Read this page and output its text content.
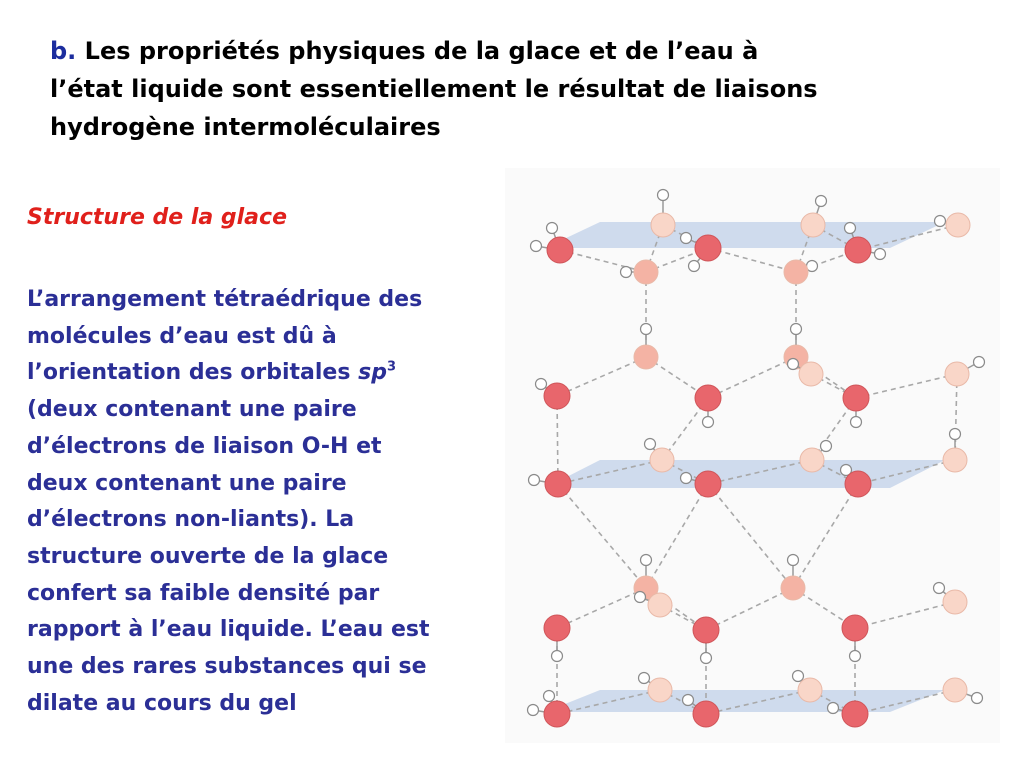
b. Les propriétés physiques de la glace et de l’eau à
l’état liquide sont essentiellement le résultat de liaisons
hydrogène intermoléculaires
Structure de la glace
L’arrangement tétraédrique des
molécules d’eau est dû à
l’orientation des orbitales $sp^3$
(deux contenant une paire
d’électrons de liaison O-H et
deux contenant une paire
d’électrons non-liants). La
structure ouverte de la glace
confert sa faible densité par
rapport à l’eau liquide. L’eau est
une des rares substances qui se
dilate au cours du gel
